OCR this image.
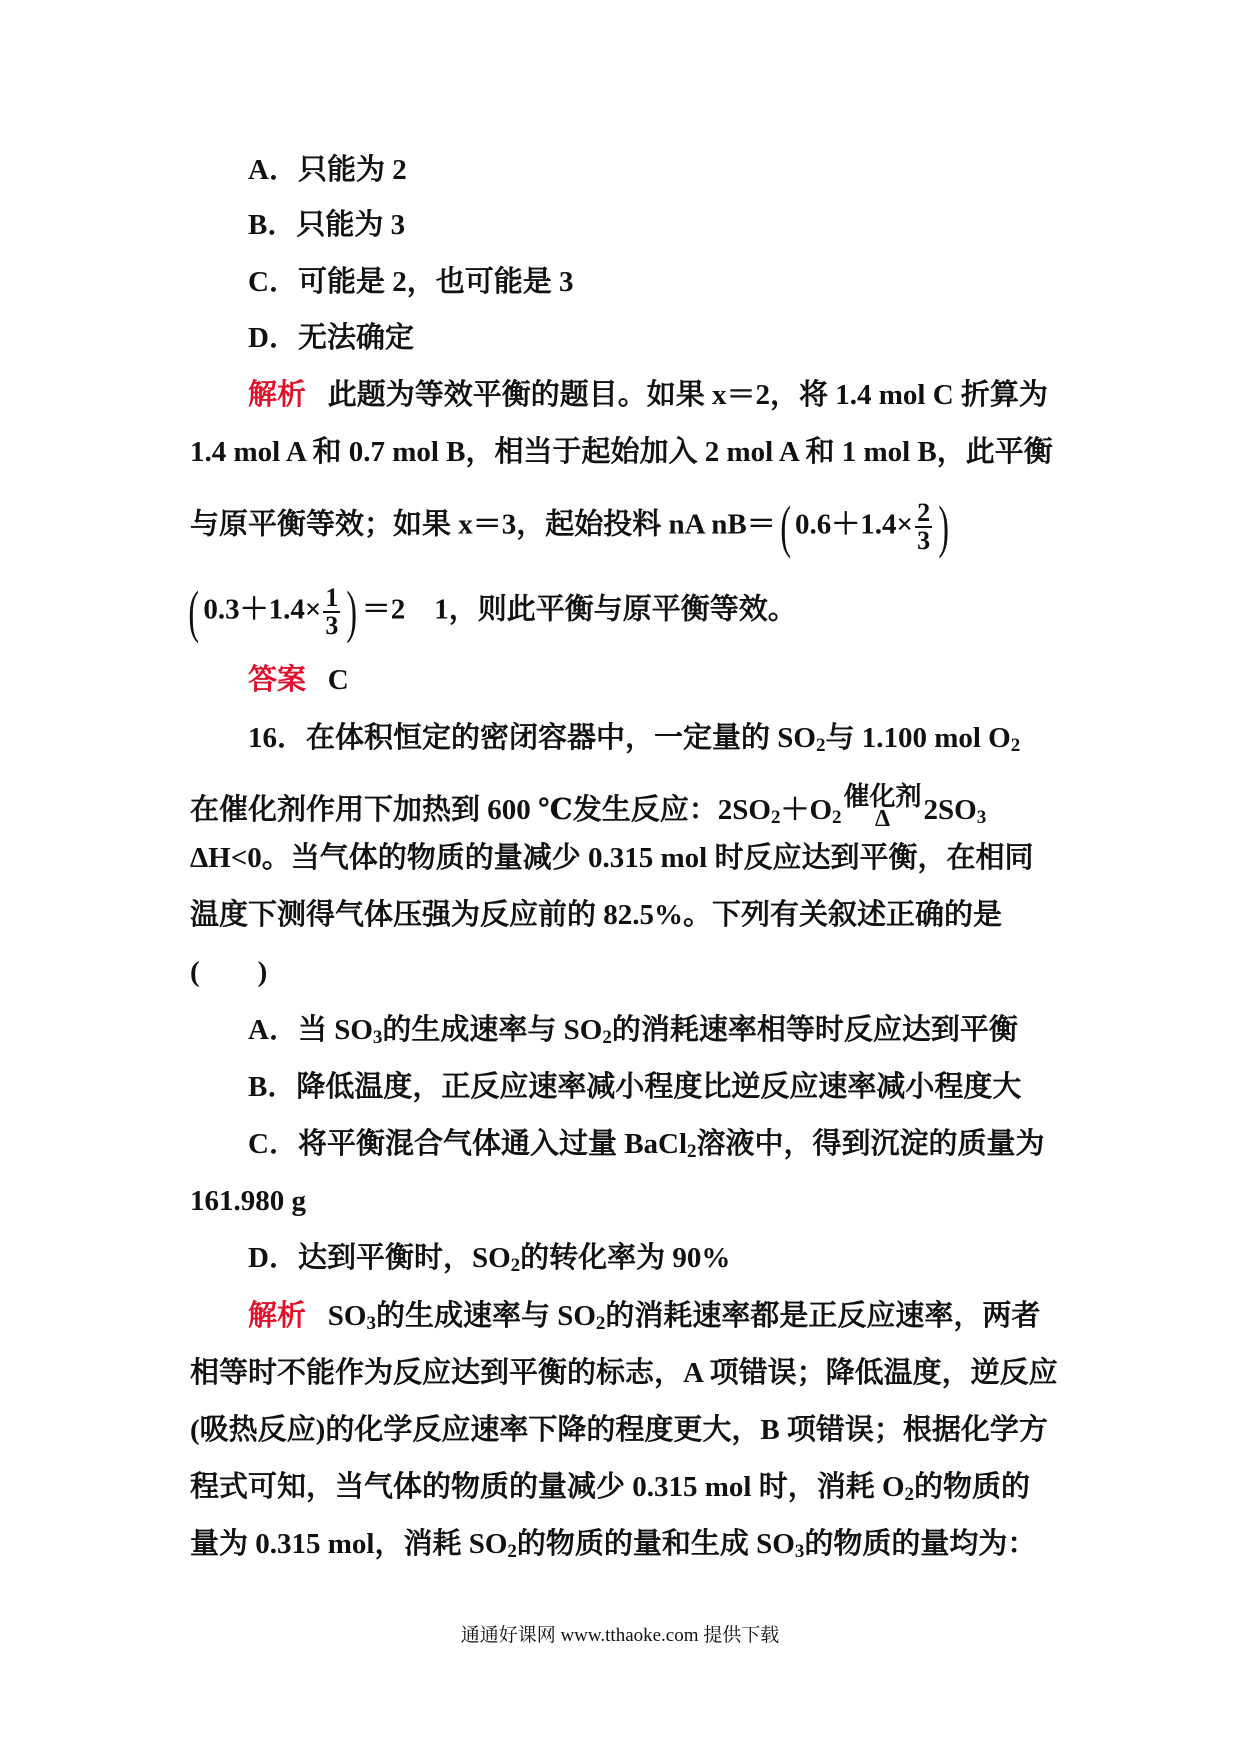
A．只能为 2
B．只能为 3
C．可能是 2，也可能是 3
D．无法确定
解析 此题为等效平衡的题目。如果 x＝2，将 1.4 mol C 折算为
1.4 mol A 和 0.7 mol B，相当于起始加入 2 mol A 和 1 mol B，此平衡
与原平衡等效；如果 x＝3，起始投料 nA nB＝( $0.6+1.4\times \frac{2}{3}$ )
( $0.3+1.4\times \frac{1}{3}$ ) ＝2　1，则此平衡与原平衡等效。
答案 C
16．在体积恒定的密闭容器中，一定量的 $SO_2$与 1.100 mol $O_2$
在催化剂作用下加热到 600 ℃发生反应：$2SO_2+O_2$
催化剂
Δ $2SO_3$
ΔH<0。当气体的物质的量减少 0.315 mol 时反应达到平衡，在相同
温度下测得气体压强为反应前的 82.5%。下列有关叙述正确的是
(　　)
A．当 $SO_3$的生成速率与 $SO_2$的消耗速率相等时反应达到平衡
B．降低温度，正反应速率减小程度比逆反应速率减小程度大
C．将平衡混合气体通入过量 BaCl$_2$溶液中，得到沉淀的质量为
161.980 g
D．达到平衡时，$SO_2$的转化率为 90%
解析 $SO_3$的生成速率与 $SO_2$的消耗速率都是正反应速率，两者
相等时不能作为反应达到平衡的标志，A 项错误；降低温度，逆反应
(吸热反应)的化学反应速率下降的程度更大，B 项错误；根据化学方
程式可知，当气体的物质的量减少 0.315 mol 时，消耗 $O_2$的物质的
量为 0.315 mol，消耗 $SO_2$的物质的量和生成 $SO_3$的物质的量均为：
通通好课网 www.tthaoke.com 提供下载
